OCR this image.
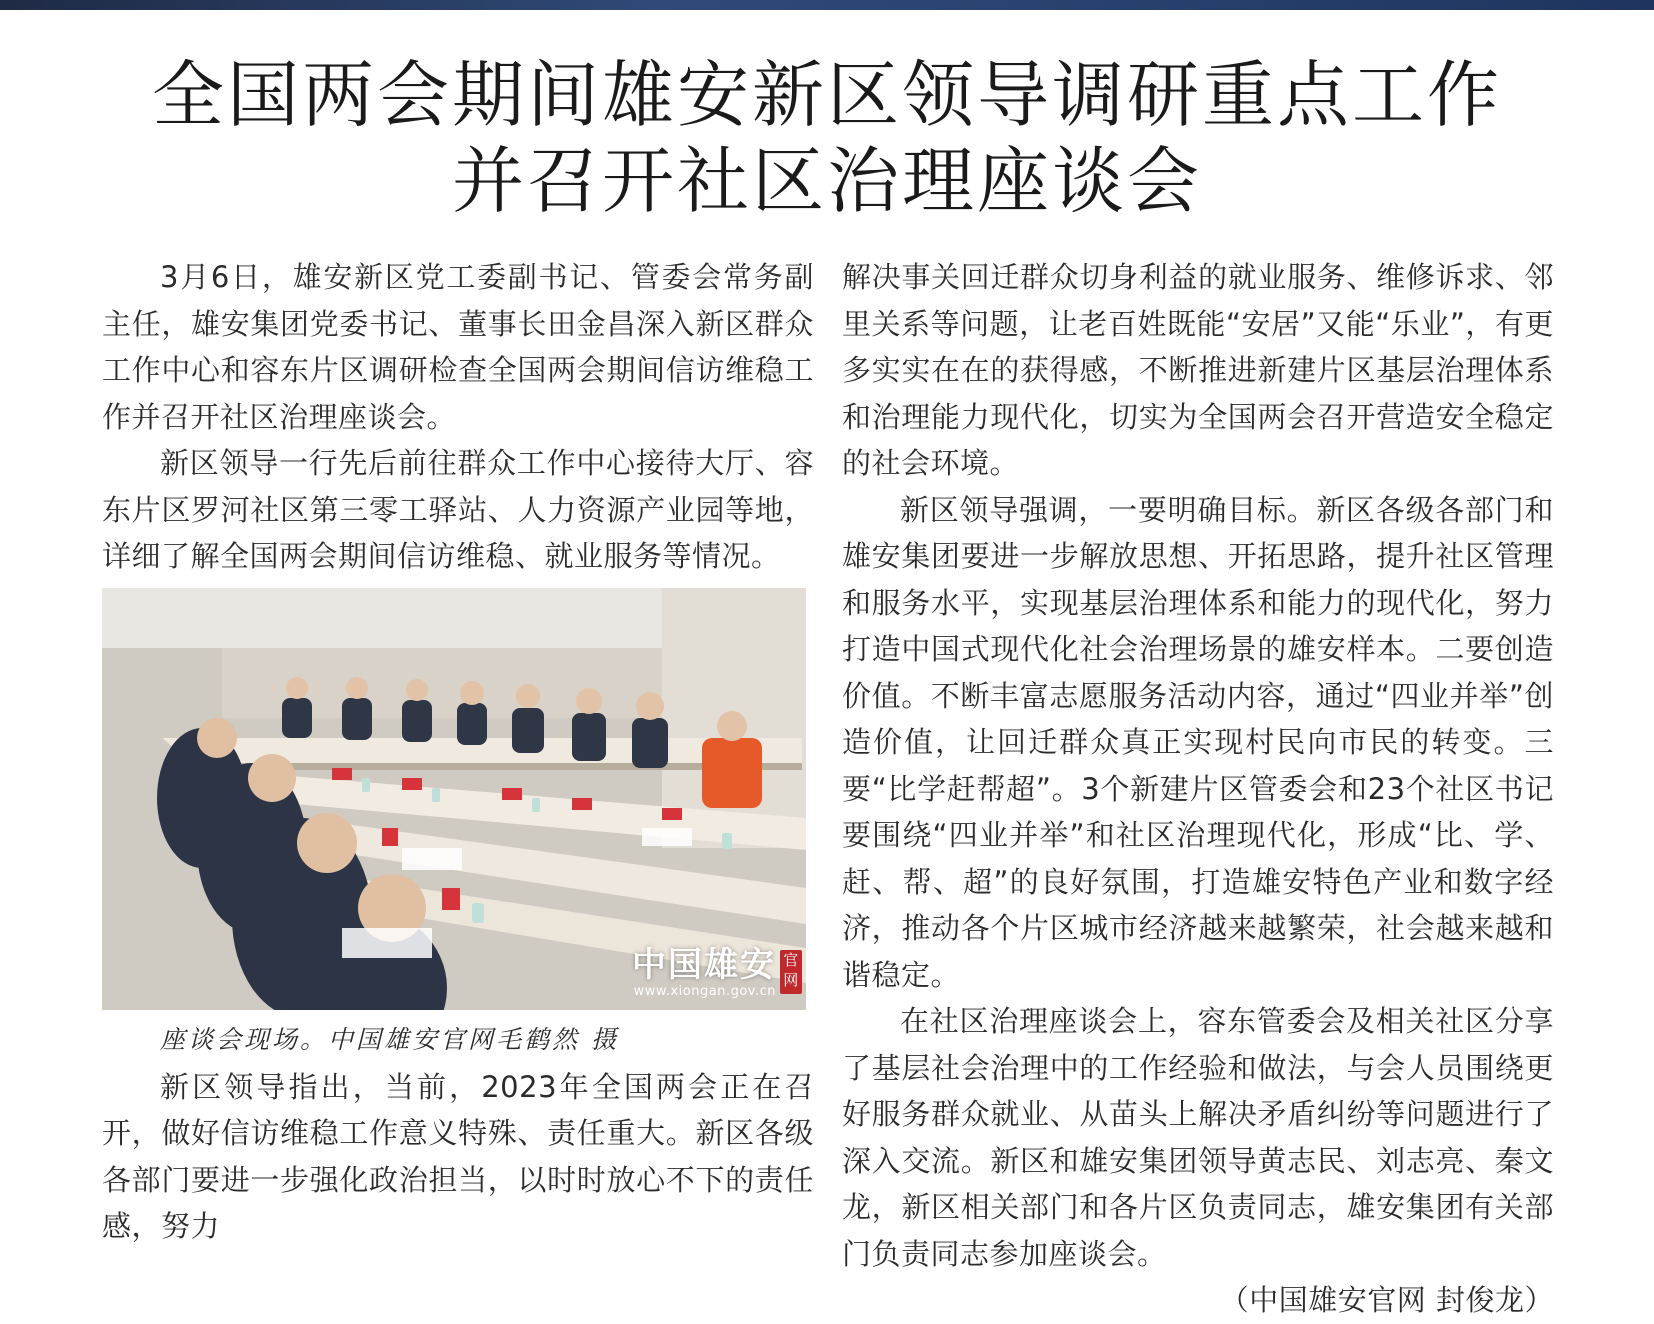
全国两会期间雄安新区领导调研重点工作
并召开社区治理座谈会

3月6日，雄安新区党工委副书记、管委会常务副主任，雄安集团党委书记、董事长田金昌深入新区群众工作中心和容东片区调研检查全国两会期间信访维稳工作并召开社区治理座谈会。

新区领导一行先后前往群众工作中心接待大厅、容东片区罗河社区第三零工驿站、人力资源产业园等地，详细了解全国两会期间信访维稳、就业服务等情况。

中国雄安
www.xiongan.gov.cn
官网

座谈会现场。中国雄安官网毛鹤然 摄

新区领导指出，当前，2023年全国两会正在召开，做好信访维稳工作意义特殊、责任重大。新区各级各部门要进一步强化政治担当，以时时放心不下的责任感，努力

解决事关回迁群众切身利益的就业服务、维修诉求、邻里关系等问题，让老百姓既能“安居”又能“乐业”，有更多实实在在的获得感，不断推进新建片区基层治理体系和治理能力现代化，切实为全国两会召开营造安全稳定的社会环境。

新区领导强调，一要明确目标。新区各级各部门和雄安集团要进一步解放思想、开拓思路，提升社区管理和服务水平，实现基层治理体系和能力的现代化，努力打造中国式现代化社会治理场景的雄安样本。二要创造价值。不断丰富志愿服务活动内容，通过“四业并举”创造价值，让回迁群众真正实现村民向市民的转变。三要“比学赶帮超”。3个新建片区管委会和23个社区书记要围绕“四业并举”和社区治理现代化，形成“比、学、赶、帮、超”的良好氛围，打造雄安特色产业和数字经济，推动各个片区城市经济越来越繁荣，社会越来越和谐稳定。

在社区治理座谈会上，容东管委会及相关社区分享了基层社会治理中的工作经验和做法，与会人员围绕更好服务群众就业、从苗头上解决矛盾纠纷等问题进行了深入交流。新区和雄安集团领导黄志民、刘志亮、秦文龙，新区相关部门和各片区负责同志，雄安集团有关部门负责同志参加座谈会。
（中国雄安官网 封俊龙）
